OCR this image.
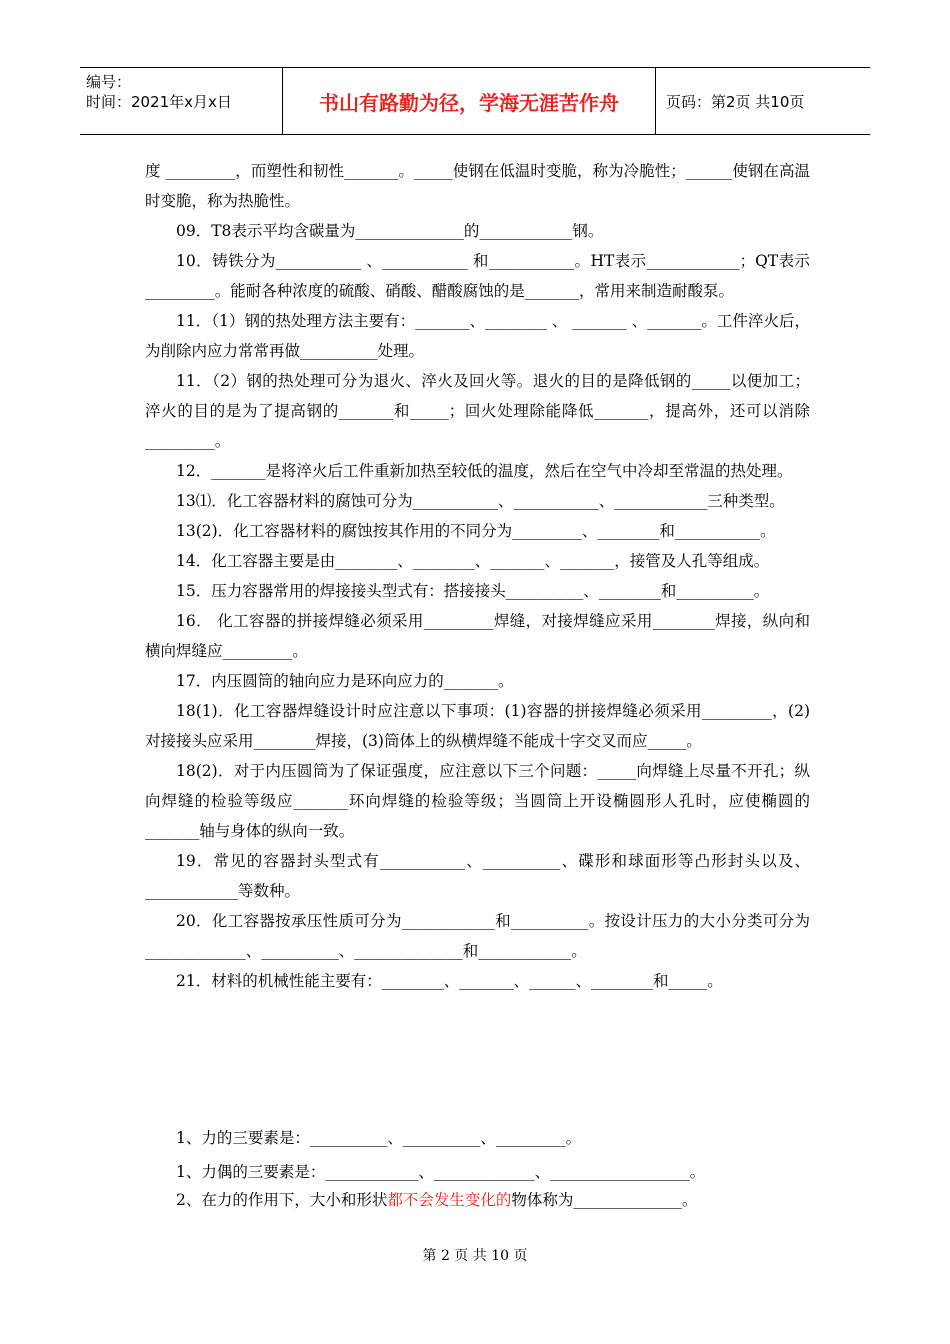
编号：
时间：2021年x月x日	书山有路勤为径，学海无涯苦作舟	页码：第2页 共10页

度 _________，而塑性和韧性_______。_____使钢在低温时变脆，称为冷脆性；______使钢在高温时变脆，称为热脆性。

09．T8表示平均含碳量为______________的____________钢。

10．铸铁分为___________ 、___________ 和___________。HT表示____________；QT表示_________。能耐各种浓度的硫酸、硝酸、醋酸腐蚀的是_______，常用来制造耐酸泵。

11．（1）钢的热处理方法主要有：_______、________ 、 _______ 、_______。工件淬火后，为削除内应力常常再做__________处理。

11．（2）钢的热处理可分为退火、淬火及回火等。退火的目的是降低钢的_____以便加工；淬火的目的是为了提高钢的_______和_____；回火处理除能降低_______，提高外，还可以消除_________。

12．_______是将淬火后工件重新加热至较低的温度，然后在空气中冷却至常温的热处理。

13⑴．化工容器材料的腐蚀可分为___________、___________、____________三种类型。

13(2)．化工容器材料的腐蚀按其作用的不同分为_________、________和___________。

14．化工容器主要是由________、________、_______、_______，接管及人孔等组成。

15．压力容器常用的焊接接头型式有：搭接接头__________、________和__________。

16． 化工容器的拼接焊缝必须采用_________焊缝，对接焊缝应采用________焊接，纵向和横向焊缝应_________。

17．内压圆筒的轴向应力是环向应力的_______。

18(1)．化工容器焊缝设计时应注意以下事项：(1)容器的拼接焊缝必须采用_________，(2)对接接头应采用________焊接，(3)筒体上的纵横焊缝不能成十字交叉而应_____。

18(2)．对于内压圆筒为了保证强度，应注意以下三个问题：_____向焊缝上尽量不开孔；纵向焊缝的检验等级应_______环向焊缝的检验等级；当圆筒上开设椭圆形人孔时，应使椭圆的_______轴与身体的纵向一致。

19．常见的容器封头型式有___________、__________、碟形和球面形等凸形封头以及、____________等数种。

20．化工容器按承压性质可分为____________和__________。按设计压力的大小分类可分为_____________、__________、______________和____________。

21．材料的机械性能主要有：________、_______、______、________和_____。

1、力的三要素是：__________、__________、_________。

1、力偶的三要素是：____________、_____________、__________________。

2、在力的作用下，大小和形状都不会发生变化的物体称为______________。

第 2 页 共 10 页
